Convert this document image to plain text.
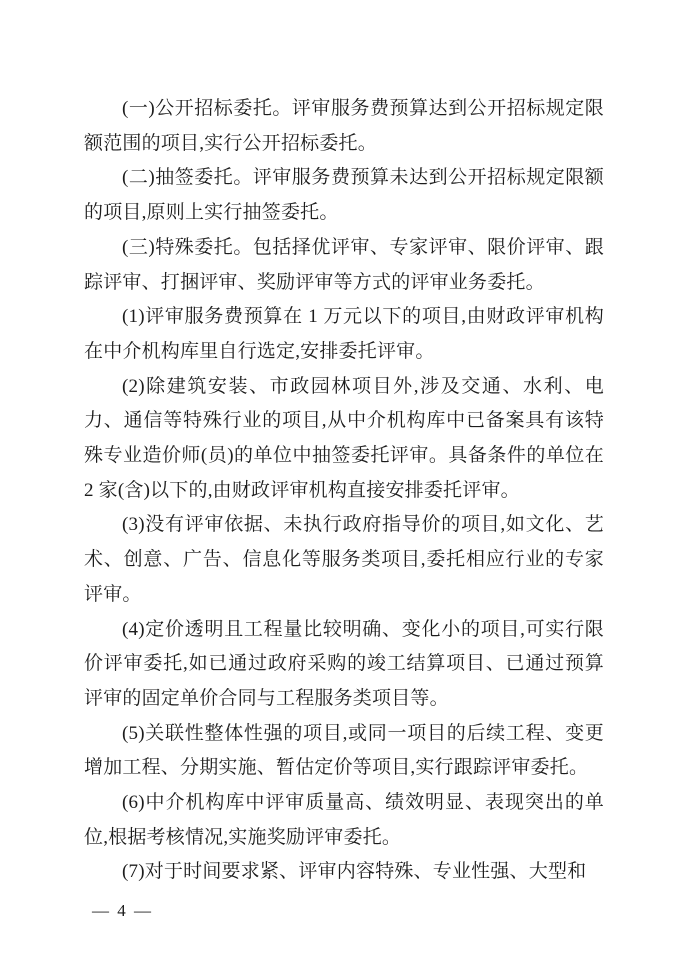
(一)公开招标委托。评审服务费预算达到公开招标规定限额范围的项目,实行公开招标委托。

(二)抽签委托。评审服务费预算未达到公开招标规定限额的项目,原则上实行抽签委托。

(三)特殊委托。包括择优评审、专家评审、限价评审、跟踪评审、打捆评审、奖励评审等方式的评审业务委托。

(1)评审服务费预算在 1 万元以下的项目,由财政评审机构在中介机构库里自行选定,安排委托评审。

(2)除建筑安装、市政园林项目外,涉及交通、水利、电力、通信等特殊行业的项目,从中介机构库中已备案具有该特殊专业造价师(员)的单位中抽签委托评审。具备条件的单位在 2 家(含)以下的,由财政评审机构直接安排委托评审。

(3)没有评审依据、未执行政府指导价的项目,如文化、艺术、创意、广告、信息化等服务类项目,委托相应行业的专家评审。

(4)定价透明且工程量比较明确、变化小的项目,可实行限价评审委托,如已通过政府采购的竣工结算项目、已通过预算评审的固定单价合同与工程服务类项目等。

(5)关联性整体性强的项目,或同一项目的后续工程、变更增加工程、分期实施、暂估定价等项目,实行跟踪评审委托。

(6)中介机构库中评审质量高、绩效明显、表现突出的单位,根据考核情况,实施奖励评审委托。

(7)对于时间要求紧、评审内容特殊、专业性强、大型和

— 4 —
